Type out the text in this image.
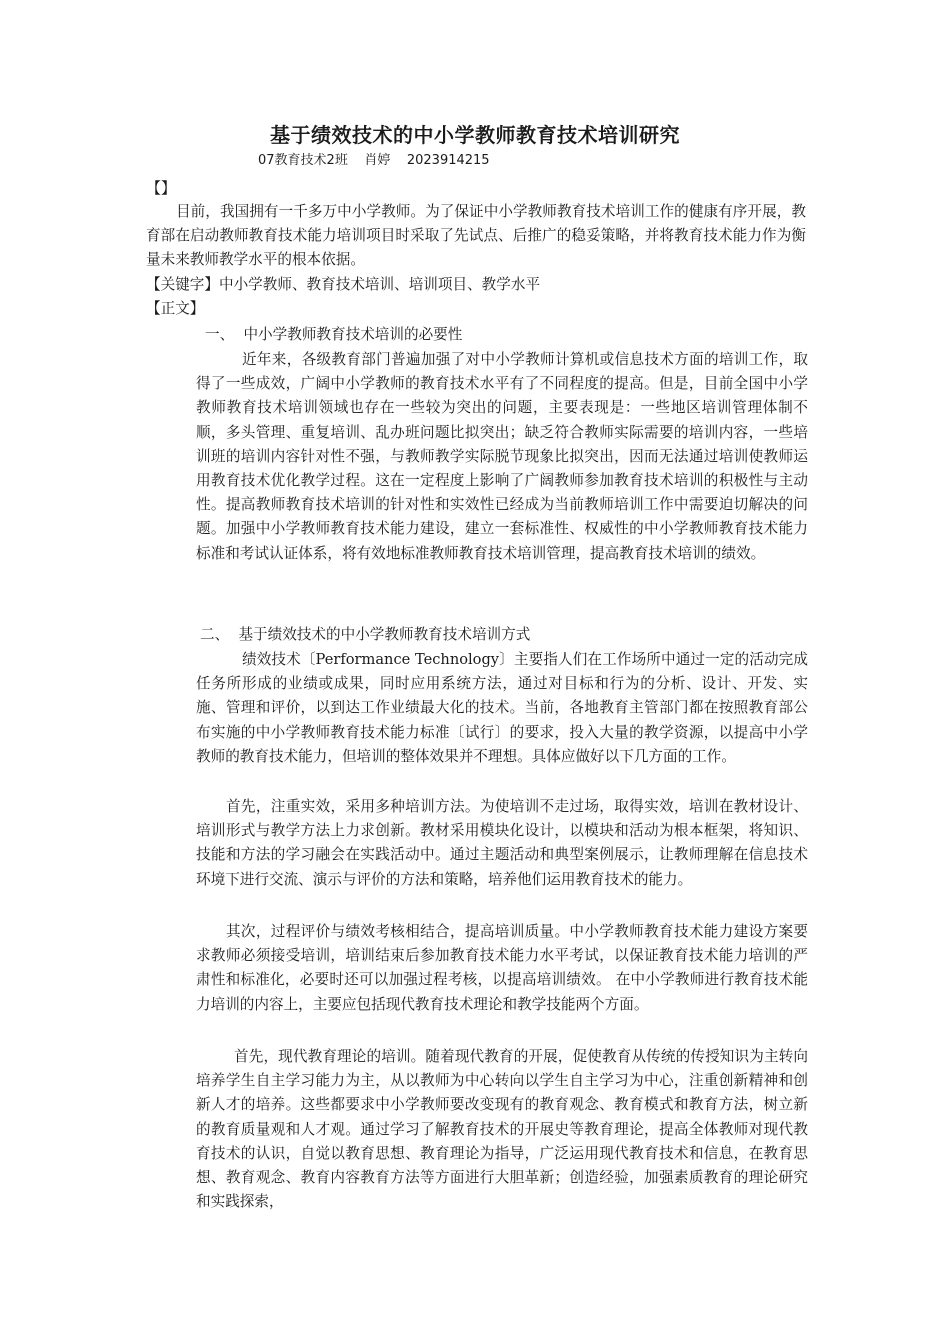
基于绩效技术的中小学教师教育技术培训研究
07教育技术2班    肖婷    2023914215
【】
目前，我国拥有一千多万中小学教师。为了保证中小学教师教育技术培训工作的健康有序开展，教育部在启动教师教育技术能力培训项目时采取了先试点、后推广的稳妥策略，并将教育技术能力作为衡量未来教师教学水平的根本依据。
【关键字】中小学教师、教育技术培训、培训项目、教学水平
【正文】
一、  中小学教师教育技术培训的必要性
近年来，各级教育部门普遍加强了对中小学教师计算机或信息技术方面的培训工作，取得了一些成效，广阔中小学教师的教育技术水平有了不同程度的提高。但是，目前全国中小学教师教育技术培训领域也存在一些较为突出的问题，主要表现是：一些地区培训管理体制不顺，多头管理、重复培训、乱办班问题比拟突出；缺乏符合教师实际需要的培训内容，一些培训班的培训内容针对性不强，与教师教学实际脱节现象比拟突出，因而无法通过培训使教师运用教育技术优化教学过程。这在一定程度上影响了广阔教师参加教育技术培训的积极性与主动性。提高教师教育技术培训的针对性和实效性已经成为当前教师培训工作中需要迫切解决的问题。加强中小学教师教育技术能力建设，建立一套标准性、权威性的中小学教师教育技术能力标准和考试认证体系，将有效地标准教师教育技术培训管理，提高教育技术培训的绩效。
二、  基于绩效技术的中小学教师教育技术培训方式
绩效技术〔Performance Technology〕主要指人们在工作场所中通过一定的活动完成任务所形成的业绩或成果，同时应用系统方法，通过对目标和行为的分析、设计、开发、实施、管理和评价，以到达工作业绩最大化的技术。当前，各地教育主管部门都在按照教育部公布实施的中小学教师教育技术能力标准〔试行〕的要求，投入大量的教学资源，以提高中小学教师的教育技术能力，但培训的整体效果并不理想。具体应做好以下几方面的工作。
首先，注重实效，采用多种培训方法。为使培训不走过场，取得实效，培训在教材设计、培训形式与教学方法上力求创新。教材采用模块化设计，以模块和活动为根本框架，将知识、技能和方法的学习融会在实践活动中。通过主题活动和典型案例展示，让教师理解在信息技术环境下进行交流、演示与评价的方法和策略，培养他们运用教育技术的能力。
其次，过程评价与绩效考核相结合，提高培训质量。中小学教师教育技术能力建设方案要求教师必须接受培训，培训结束后参加教育技术能力水平考试，以保证教育技术能力培训的严肃性和标准化，必要时还可以加强过程考核，以提高培训绩效。 在中小学教师进行教育技术能力培训的内容上，主要应包括现代教育技术理论和教学技能两个方面。
首先，现代教育理论的培训。随着现代教育的开展，促使教育从传统的传授知识为主转向培养学生自主学习能力为主，从以教师为中心转向以学生自主学习为中心，注重创新精神和创新人才的培养。这些都要求中小学教师要改变现有的教育观念、教育模式和教育方法，树立新的教育质量观和人才观。通过学习了解教育技术的开展史等教育理论，提高全体教师对现代教育技术的认识，自觉以教育思想、教育理论为指导，广泛运用现代教育技术和信息，在教育思想、教育观念、教育内容教育方法等方面进行大胆革新；创造经验，加强素质教育的理论研究和实践探索，
